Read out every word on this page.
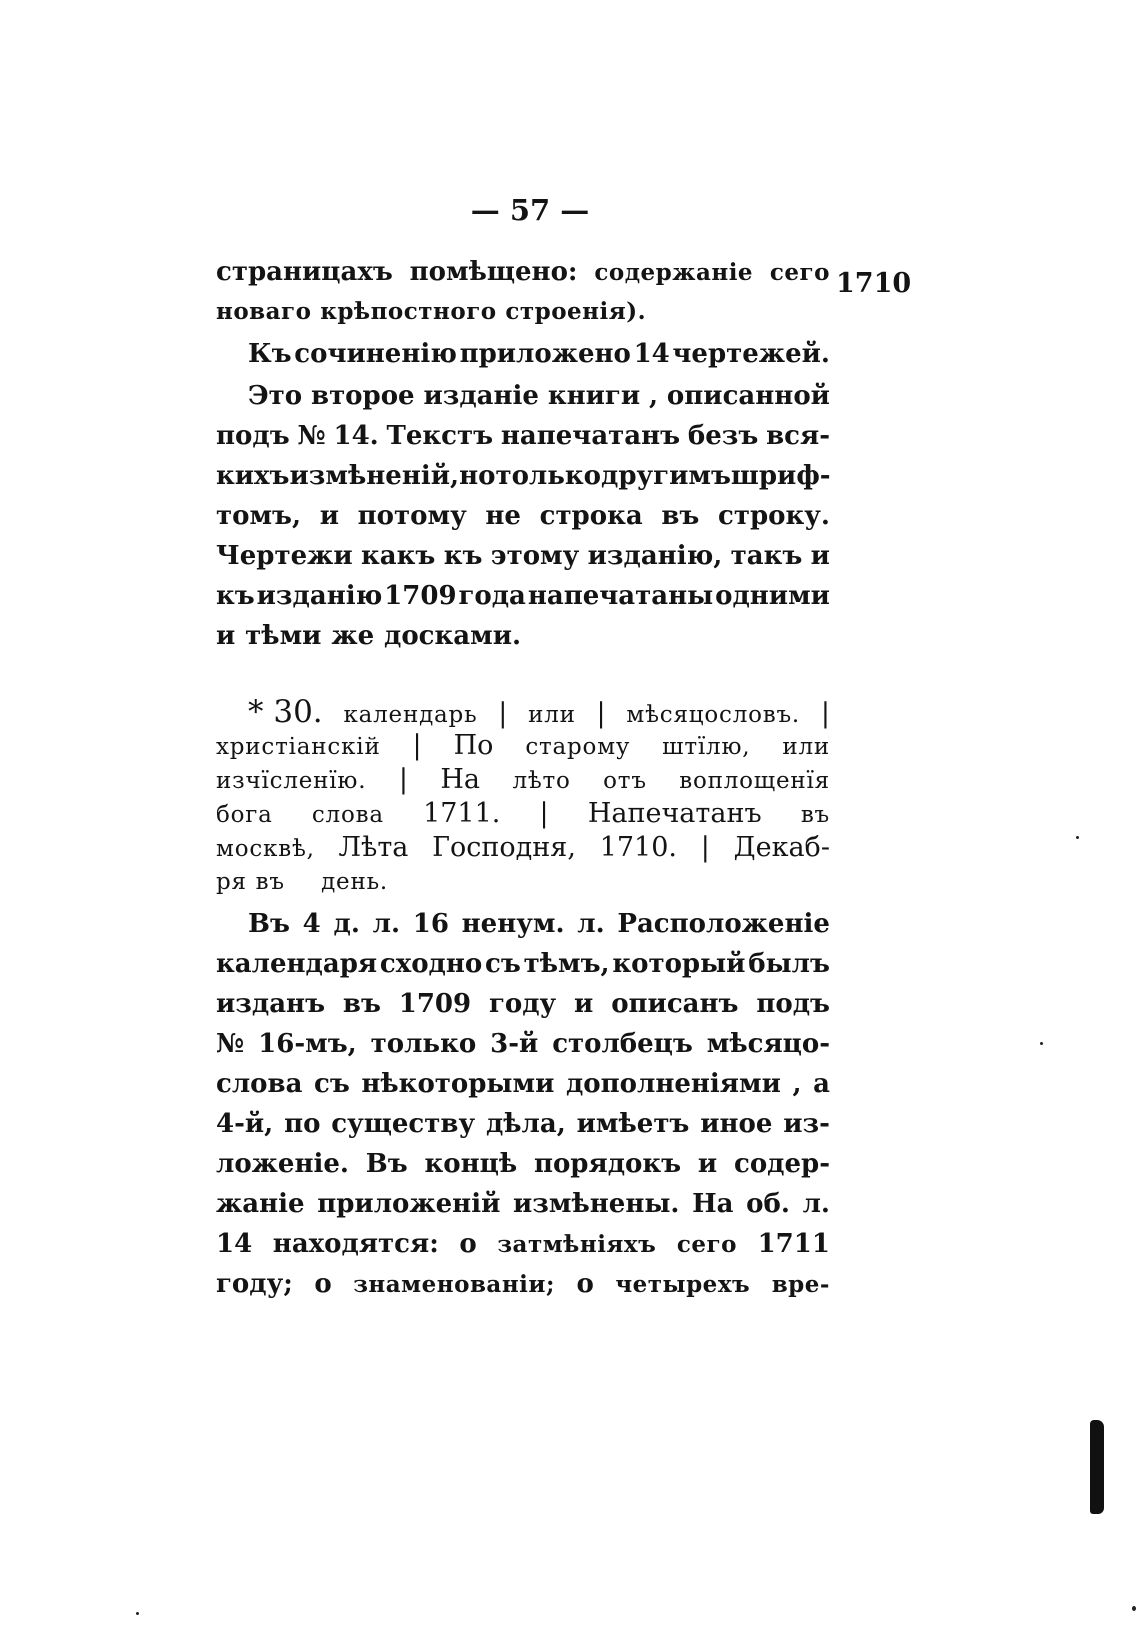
— 57 —
1710
страницахъ помѣщено: содержаніе сего
новаго крѣпостного строенія).
Къ сочиненію приложено 14 чертежей.
Это второе изданіе книги , описанной
подъ № 14. Текстъ напечатанъ безъ вся-
кихъ измѣненій, но только другимъ шриф-
томъ, и потому не строка въ строку.
Чертежи какъ къ этому изданію, такъ и
къ изданію 1709 года напечатаны одними
и тѣми же досками.
* 30. календарь | или | мѣсяцословъ. |
христіанскій | По старому штїлю, или
изчїсленїю. | На лѣто отъ воплощенїя
бога слова 1711. | Напечатанъ въ
москвѣ, Лѣта Господня, 1710. | Декаб-
ря въ день.
Въ 4 д. л. 16 ненум. л. Расположеніе
календаря сходно съ тѣмъ, который былъ
изданъ въ 1709 году и описанъ подъ
№ 16-мъ, только 3-й столбецъ мѣсяцо-
слова съ нѣкоторыми дополненіями , а
4-й, по существу дѣла, имѣетъ иное из-
ложеніе. Въ концѣ порядокъ и содер-
жаніе приложеній измѣнены. На об. л.
14 находятся: о затмѣніяхъ сего 1711
году; о знаменованіи; о четырехъ вре-
